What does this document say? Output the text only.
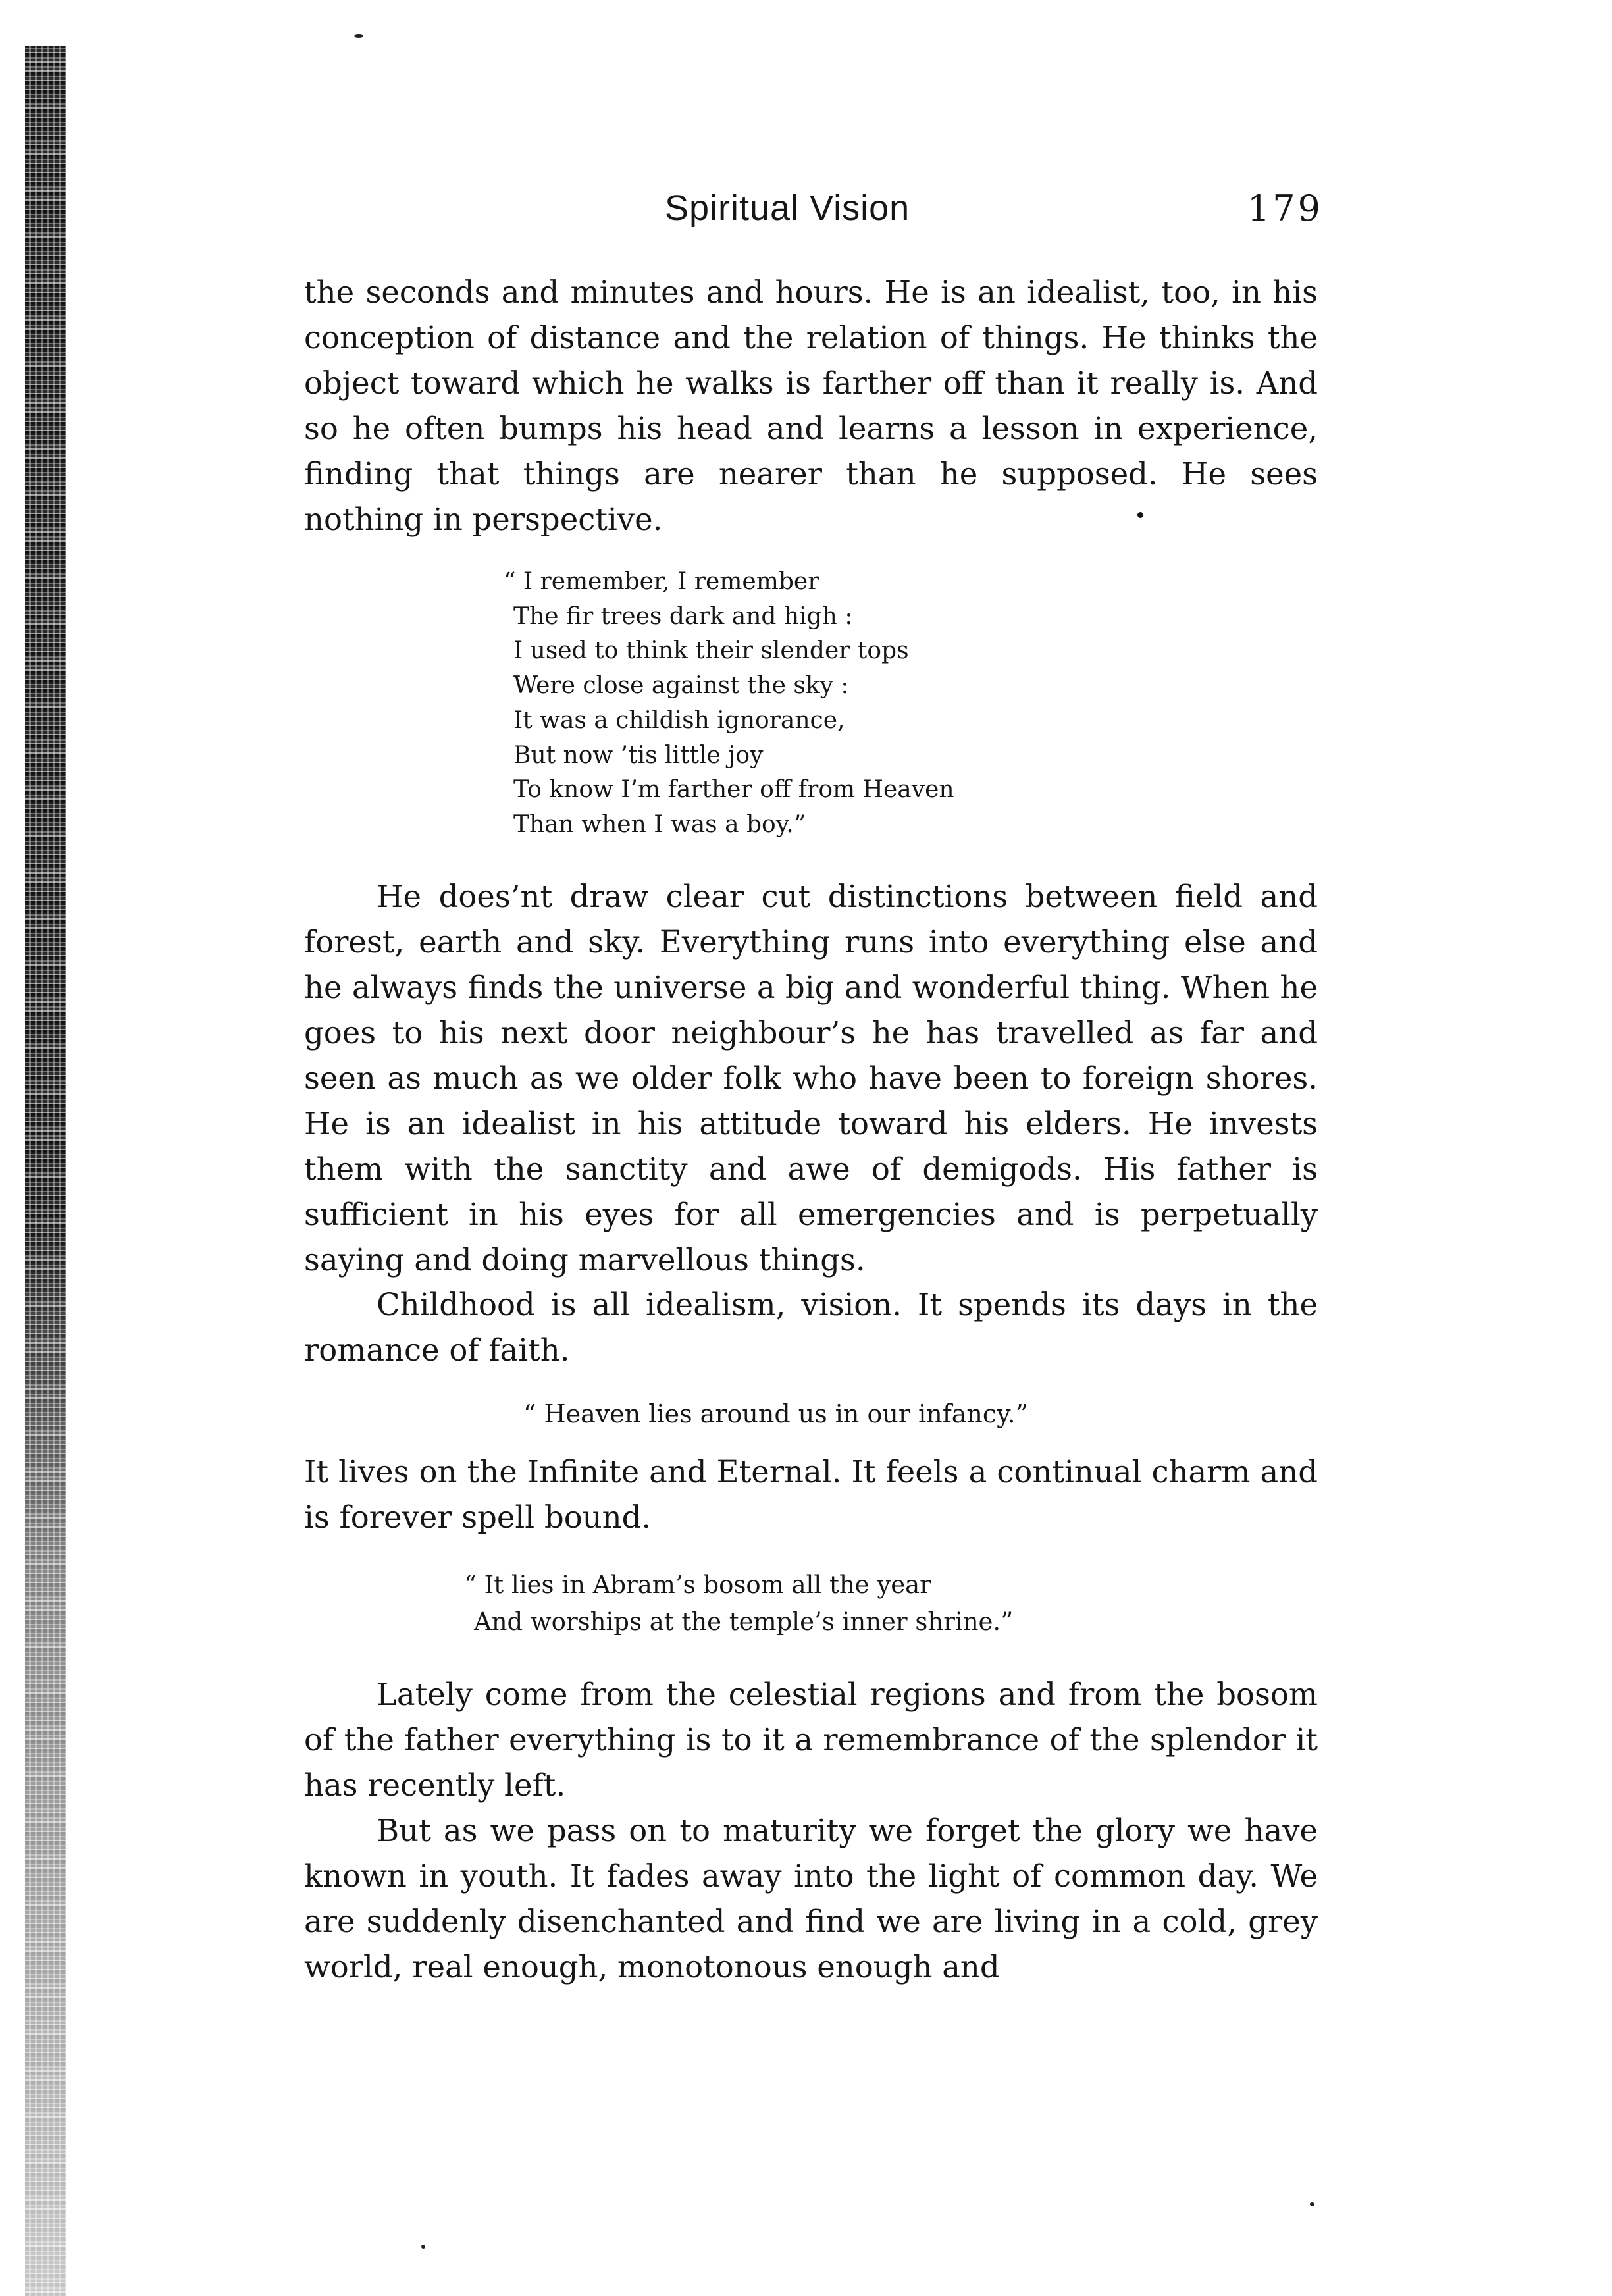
Spiritual Vision	179

the seconds and minutes and hours. He is an idealist, too, in his conception of distance and the relation of things. He thinks the object toward which he walks is farther off than it really is. And so he often bumps his head and learns a lesson in experience, finding that things are nearer than he supposed. He sees nothing in perspective.

“ I remember, I remember
The fir trees dark and high :
I used to think their slender tops
Were close against the sky :
It was a childish ignorance,
But now ’tis little joy
To know I’m farther off from Heaven
Than when I was a boy.”

He does’nt draw clear cut distinctions between field and forest, earth and sky. Everything runs into everything else and he always finds the universe a big and wonderful thing. When he goes to his next door neighbour’s he has travelled as far and seen as much as we older folk who have been to foreign shores. He is an idealist in his attitude toward his elders. He invests them with the sanctity and awe of demigods. His father is sufficient in his eyes for all emergencies and is perpetually saying and doing marvellous things.

Childhood is all idealism, vision. It spends its days in the romance of faith.

“ Heaven lies around us in our infancy.”

It lives on the Infinite and Eternal. It feels a continual charm and is forever spell bound.

“ It lies in Abram’s bosom all the year
And worships at the temple’s inner shrine.”

Lately come from the celestial regions and from the bosom of the father everything is to it a remembrance of the splendor it has recently left.

But as we pass on to maturity we forget the glory we have known in youth. It fades away into the light of common day. We are suddenly disenchanted and find we are living in a cold, grey world, real enough, monotonous enough and
